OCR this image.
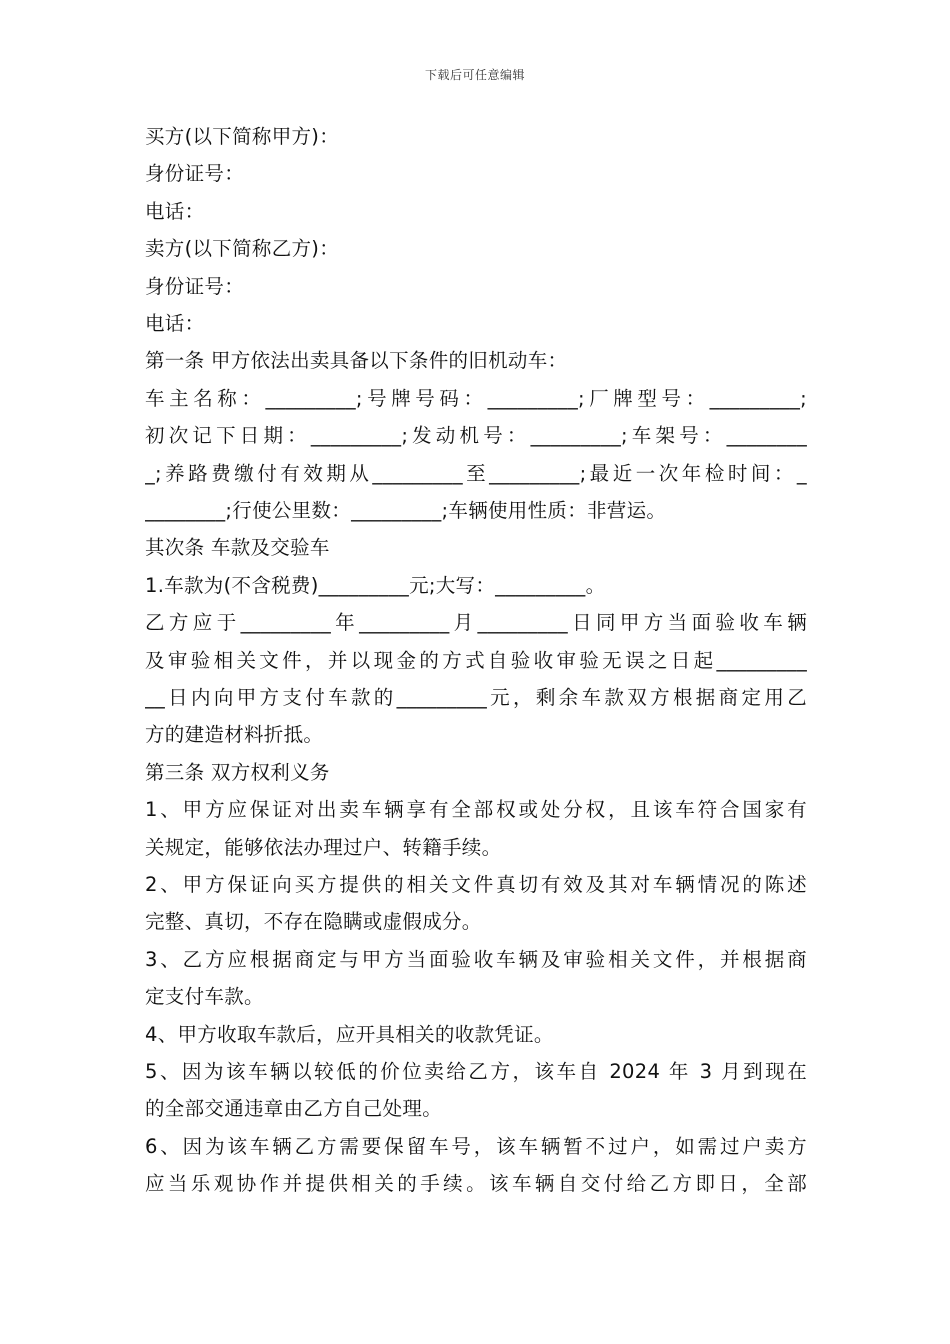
下载后可任意编辑
买方(以下简称甲方)：
身份证号：
电话：
卖方(以下简称乙方)：
身份证号：
电话：
第一条 甲方依法出卖具备以下条件的旧机动车：
车主名称：_________;号牌号码：_________;厂牌型号：_________;
初次记下日期：_________;发动机号：_________;车架号：________
_;养路费缴付有效期从_________至_________;最近一次年检时间：_
________;行使公里数：_________;车辆使用性质：非营运。
其次条 车款及交验车
1.车款为(不含税费)_________元;大写：_________。
乙方应于_________年_________月_________日同甲方当面验收车辆
及审验相关文件，并以现金的方式自验收审验无误之日起_________
__日内向甲方支付车款的_________元，剩余车款双方根据商定用乙
方的建造材料折抵。
第三条 双方权利义务
1、甲方应保证对出卖车辆享有全部权或处分权，且该车符合国家有
关规定，能够依法办理过户、转籍手续。
2、甲方保证向买方提供的相关文件真切有效及其对车辆情况的陈述
完整、真切，不存在隐瞒或虚假成分。
3、乙方应根据商定与甲方当面验收车辆及审验相关文件，并根据商
定支付车款。
4、甲方收取车款后，应开具相关的收款凭证。
5、因为该车辆以较低的价位卖给乙方，该车自 2024 年 3 月到现在
的全部交通违章由乙方自己处理。
6、因为该车辆乙方需要保留车号，该车辆暂不过户，如需过户卖方
应当乐观协作并提供相关的手续。该车辆自交付给乙方即日，全部
